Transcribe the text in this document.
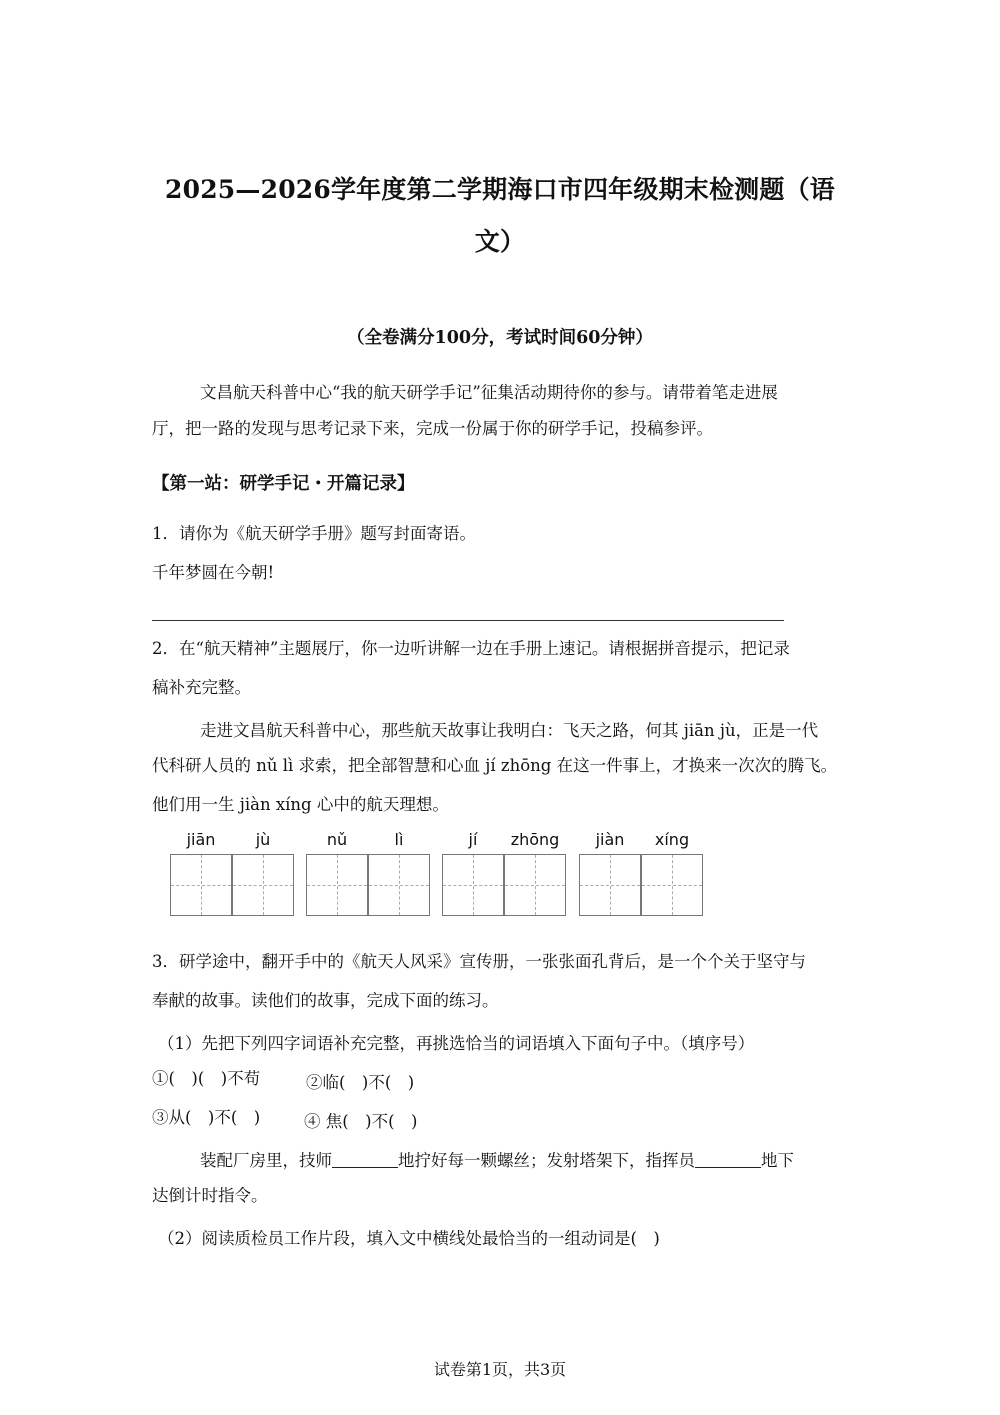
2025—2026学年度第二学期海口市四年级期末检测题（语
文）
（全卷满分100分，考试时间60分钟）
文昌航天科普中心“我的航天研学手记”征集活动期待你的参与。请带着笔走进展
厅，把一路的发现与思考记录下来，完成一份属于你的研学手记，投稿参评。
【第一站：研学手记・开篇记录】
1．请你为《航天研学手册》题写封面寄语。
千年梦圆在今朝!
2．在“航天精神”主题展厅，你一边听讲解一边在手册上速记。请根据拼音提示，把记录
稿补充完整。
走进文昌航天科普中心，那些航天故事让我明白：飞天之路，何其 jiān jù，正是一代
代科研人员的 nǔ lì 求索，把全部智慧和心血 jí zhōng 在这一件事上，才换来一次次的腾飞。
他们用一生 jiàn xíng 心中的航天理想。
jiān	jù	nǔ	lì	jí	zhōng	jiàn	xíng
3．研学途中，翻开手中的《航天人风采》宣传册，一张张面孔背后，是一个个关于坚守与
奉献的故事。读他们的故事，完成下面的练习。
（1）先把下列四字词语补充完整，再挑选恰当的词语填入下面句子中。（填序号）
①(　)(　)不苟	②临(　)不(　)
③从(　)不(　)	④ 焦(　)不(　)
装配厂房里，技师	地拧好每一颗螺丝；发射塔架下，指挥员	地下
达倒计时指令。
（2）阅读质检员工作片段，填入文中横线处最恰当的一组动词是(　)
试卷第1页，共3页
